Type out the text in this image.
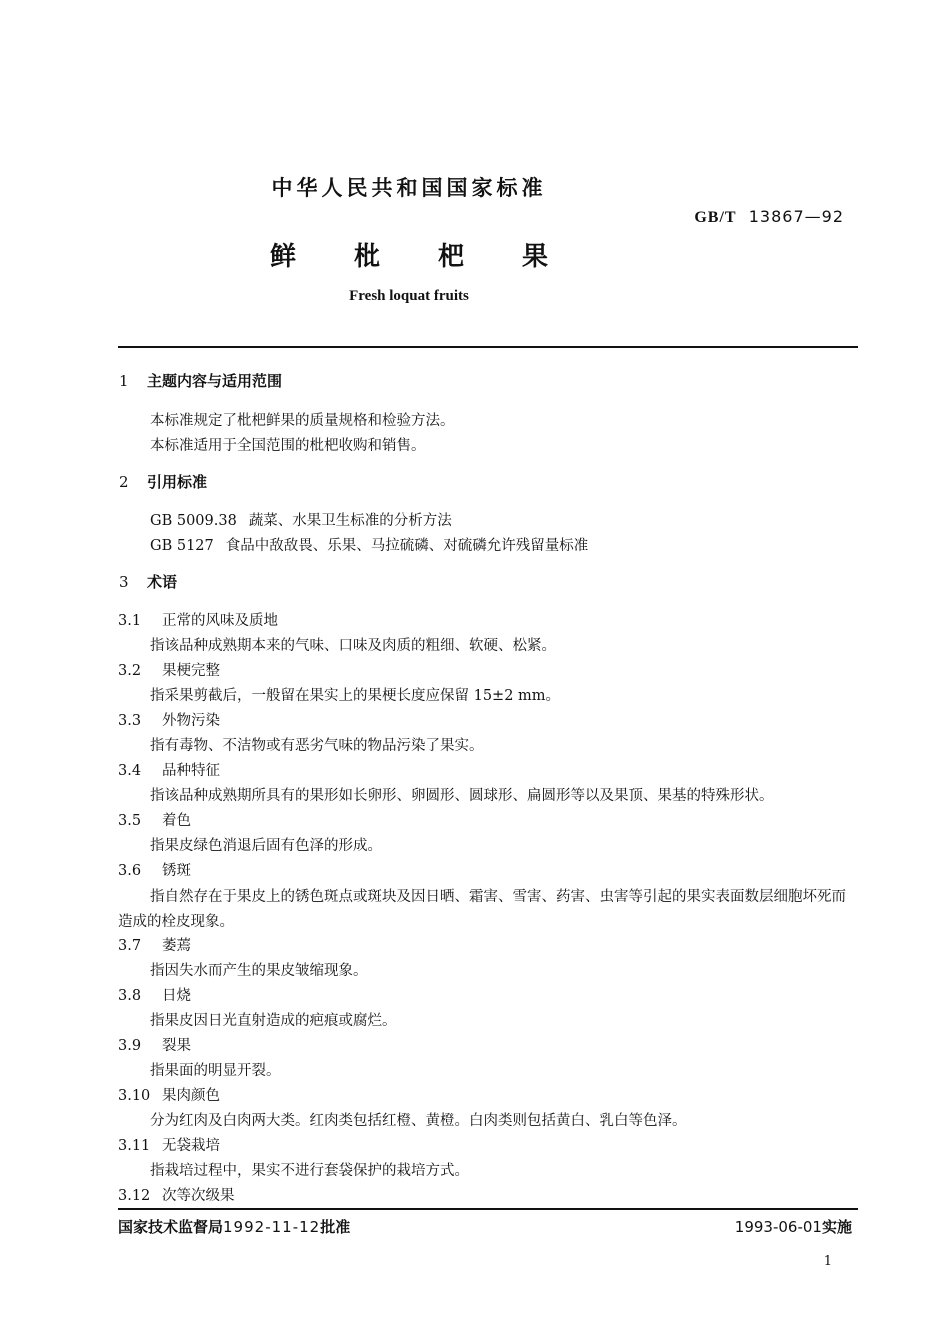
中华人民共和国国家标准
GB/T 13867—92
鲜枇杷果
Fresh loquat fruits
1 主题内容与适用范围
本标准规定了枇杷鲜果的质量规格和检验方法。
本标准适用于全国范围的枇杷收购和销售。
2 引用标准
GB 5009.38 蔬菜、水果卫生标准的分析方法
GB 5127 食品中敌敌畏、乐果、马拉硫磷、对硫磷允许残留量标准
3 术语
3.1 正常的风味及质地
指该品种成熟期本来的气味、口味及肉质的粗细、软硬、松紧。
3.2 果梗完整
指采果剪截后，一般留在果实上的果梗长度应保留 15±2 mm。
3.3 外物污染
指有毒物、不洁物或有恶劣气味的物品污染了果实。
3.4 品种特征
指该品种成熟期所具有的果形如长卵形、卵圆形、圆球形、扁圆形等以及果顶、果基的特殊形状。
3.5 着色
指果皮绿色消退后固有色泽的形成。
3.6 锈斑
指自然存在于果皮上的锈色斑点或斑块及因日晒、霜害、雪害、药害、虫害等引起的果实表面数层细胞坏死而造成的栓皮现象。
3.7 萎蔫
指因失水而产生的果皮皱缩现象。
3.8 日烧
指果皮因日光直射造成的疤痕或腐烂。
3.9 裂果
指果面的明显开裂。
3.10 果肉颜色
分为红肉及白肉两大类。红肉类包括红橙、黄橙。白肉类则包括黄白、乳白等色泽。
3.11 无袋栽培
指栽培过程中，果实不进行套袋保护的栽培方式。
3.12 次等次级果
国家技术监督局1992-11-12批准	1993-06-01实施
1
